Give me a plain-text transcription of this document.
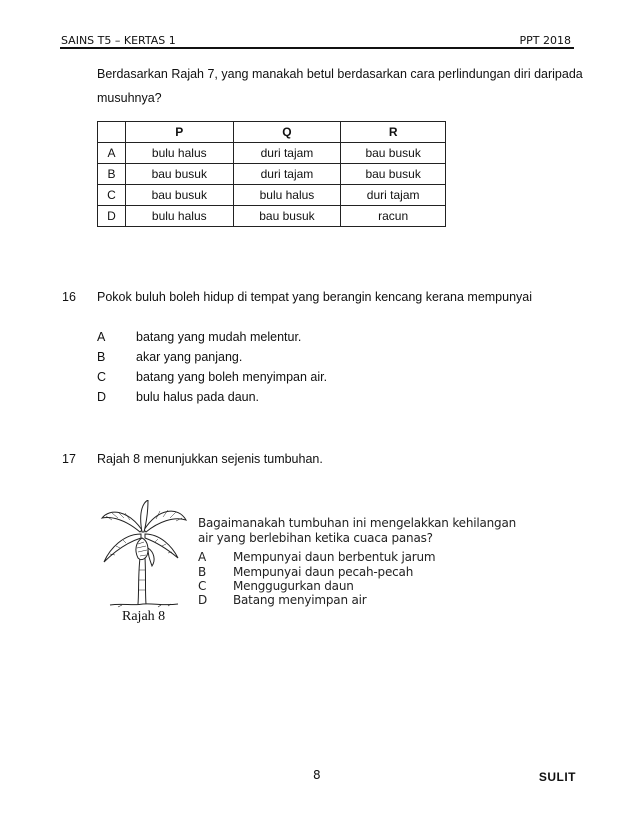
SAINS T5 – KERTAS 1	PPT 2018
Berdasarkan Rajah 7, yang manakah betul berdasarkan cara perlindungan diri daripada
musuhnya?
	P	Q	R
A	bulu halus	duri tajam	bau busuk
B	bau busuk	duri tajam	bau busuk
C	bau busuk	bulu halus	duri tajam
D	bulu halus	bau busuk	racun
16 Pokok buluh boleh hidup di tempat yang berangin kencang kerana mempunyai
A batang yang mudah melentur.
B akar yang panjang.
C batang yang boleh menyimpan air.
D bulu halus pada daun.
17 Rajah 8 menunjukkan sejenis tumbuhan.
Bagaimanakah tumbuhan ini mengelakkan kehilangan
air yang berlebihan ketika cuaca panas?
A Mempunyai daun berbentuk jarum
B Mempunyai daun pecah-pecah
C Menggugurkan daun
D Batang menyimpan air
Rajah 8
8	SULIT
